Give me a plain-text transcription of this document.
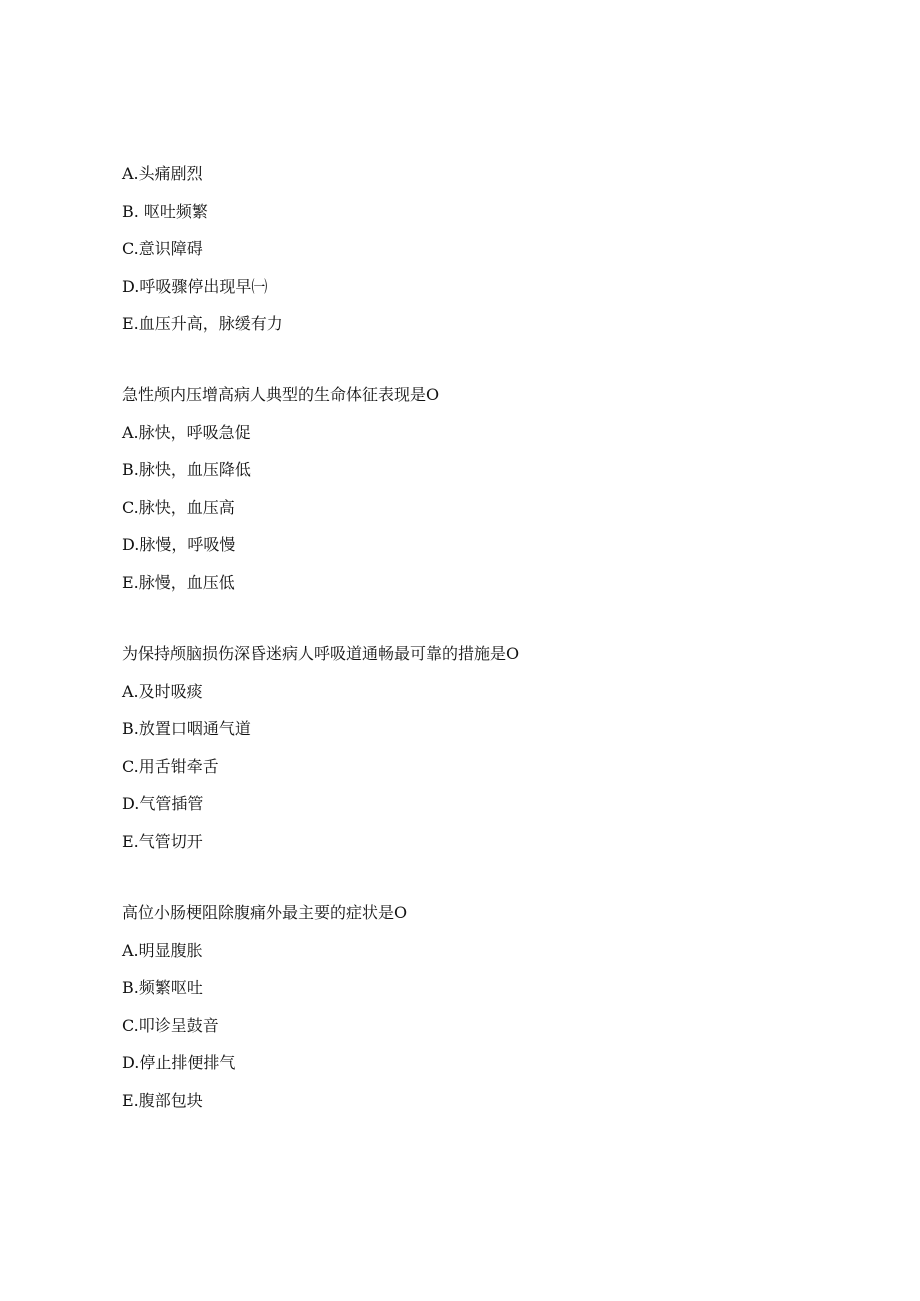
A.头痛剧烈
B. 呕吐频繁
C.意识障碍
D.呼吸骤停出现早㈠
E.血压升高，脉缓有力
急性颅内压增高病人典型的生命体征表现是O
A.脉快，呼吸急促
B.脉快，血压降低
C.脉快，血压高
D.脉慢，呼吸慢
E.脉慢，血压低
为保持颅脑损伤深昏迷病人呼吸道通畅最可靠的措施是O
A.及时吸痰
B.放置口咽通气道
C.用舌钳牵舌
D.气管插管
E.气管切开
高位小肠梗阻除腹痛外最主要的症状是O
A.明显腹胀
B.频繁呕吐
C.叩诊呈鼓音
D.停止排便排气
E.腹部包块
